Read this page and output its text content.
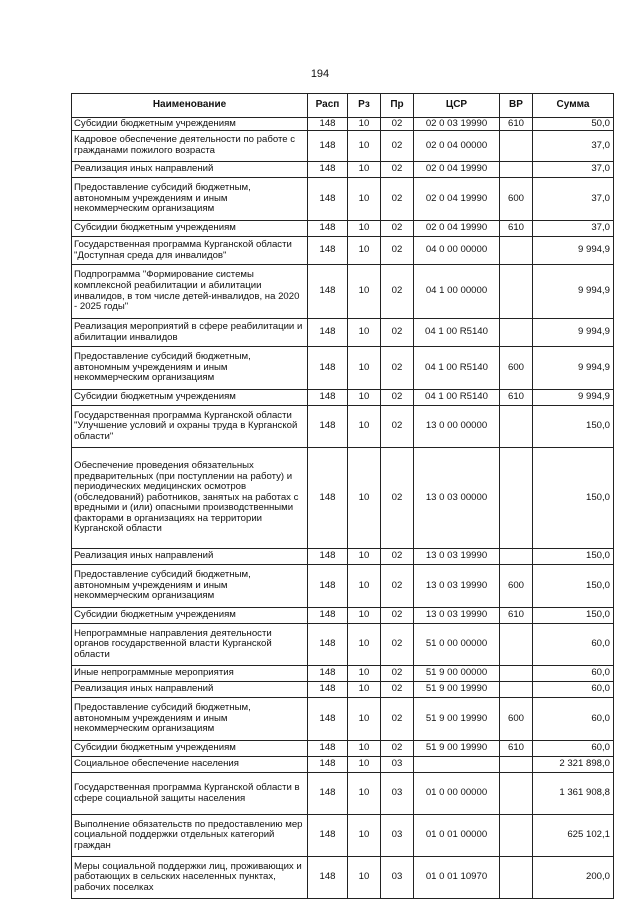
194
Наименование	Расп	Рз	Пр	ЦСР	ВР	Сумма
Субсидии бюджетным учреждениям	148	10	02	02 0 03 19990	610	50,0
Кадровое обеспечение деятельности по работе с гражданами пожилого возраста	148	10	02	02 0 04 00000		37,0
Реализация иных направлений	148	10	02	02 0 04 19990		37,0
Предоставление субсидий бюджетным, автономным учреждениям и иным некоммерческим организациям	148	10	02	02 0 04 19990	600	37,0
Субсидии бюджетным учреждениям	148	10	02	02 0 04 19990	610	37,0
Государственная программа Курганской области "Доступная среда для инвалидов"	148	10	02	04 0 00 00000		9 994,9
Подпрограмма "Формирование системы комплексной реабилитации и абилитации инвалидов, в том числе детей-инвалидов, на 2020 - 2025 годы"	148	10	02	04 1 00 00000		9 994,9
Реализация мероприятий в сфере реабилитации и абилитации инвалидов	148	10	02	04 1 00 R5140		9 994,9
Предоставление субсидий бюджетным, автономным учреждениям и иным некоммерческим организациям	148	10	02	04 1 00 R5140	600	9 994,9
Субсидии бюджетным учреждениям	148	10	02	04 1 00 R5140	610	9 994,9
Государственная программа Курганской области "Улучшение условий и охраны труда в Курганской области"	148	10	02	13 0 00 00000		150,0
Обеспечение проведения обязательных предварительных (при поступлении на работу) и периодических медицинских осмотров (обследований) работников, занятых на работах с вредными и (или) опасными производственными факторами в организациях на территории Курганской области	148	10	02	13 0 03 00000		150,0
Реализация иных направлений	148	10	02	13 0 03 19990		150,0
Предоставление субсидий бюджетным, автономным учреждениям и иным некоммерческим организациям	148	10	02	13 0 03 19990	600	150,0
Субсидии бюджетным учреждениям	148	10	02	13 0 03 19990	610	150,0
Непрограммные направления деятельности органов государственной власти Курганской области	148	10	02	51 0 00 00000		60,0
Иные непрограммные мероприятия	148	10	02	51 9 00 00000		60,0
Реализация иных направлений	148	10	02	51 9 00 19990		60,0
Предоставление субсидий бюджетным, автономным учреждениям и иным некоммерческим организациям	148	10	02	51 9 00 19990	600	60,0
Субсидии бюджетным учреждениям	148	10	02	51 9 00 19990	610	60,0
Социальное обеспечение населения	148	10	03			2 321 898,0
Государственная программа Курганской области в сфере социальной защиты населения	148	10	03	01 0 00 00000		1 361 908,8
Выполнение обязательств по предоставлению мер социальной поддержки отдельных категорий граждан	148	10	03	01 0 01 00000		625 102,1
Меры социальной поддержки лиц, проживающих и работающих в сельских населенных пунктах, рабочих поселках	148	10	03	01 0 01 10970		200,0
